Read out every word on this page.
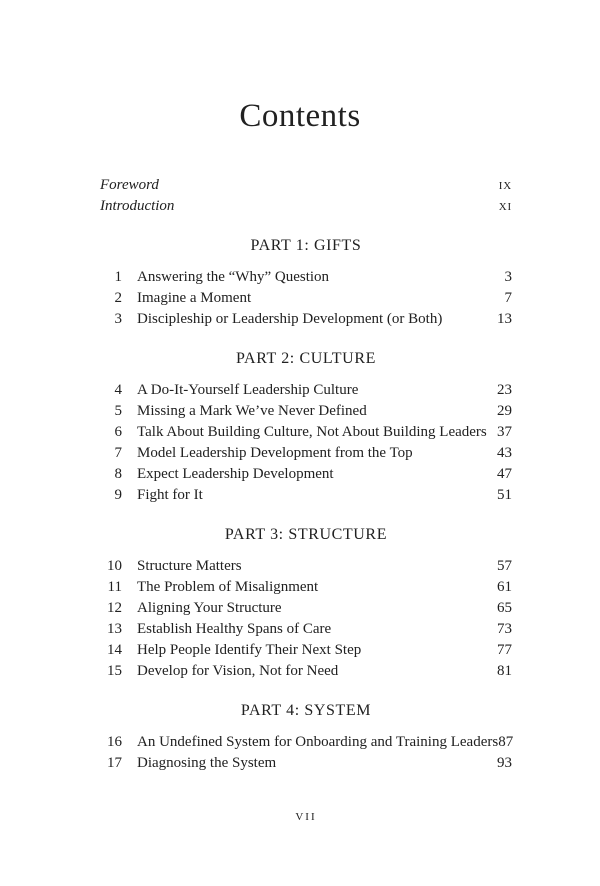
Contents
Foreword	ix
Introduction	xi
PART 1: GIFTS
1	Answering the “Why” Question	3
2	Imagine a Moment	7
3	Discipleship or Leadership Development (or Both)	13
PART 2: CULTURE
4	A Do-It-Yourself Leadership Culture	23
5	Missing a Mark We’ve Never Defined	29
6	Talk About Building Culture, Not About Building Leaders 37
7	Model Leadership Development from the Top	43
8	Expect Leadership Development	47
9	Fight for It	51
PART 3: STRUCTURE
10	Structure Matters	57
11	The Problem of Misalignment	61
12	Aligning Your Structure	65
13	Establish Healthy Spans of Care	73
14	Help People Identify Their Next Step	77
15	Develop for Vision, Not for Need	81
PART 4: SYSTEM
16	An Undefined System for Onboarding and Training Leaders 87
17	Diagnosing the System	93
vii
